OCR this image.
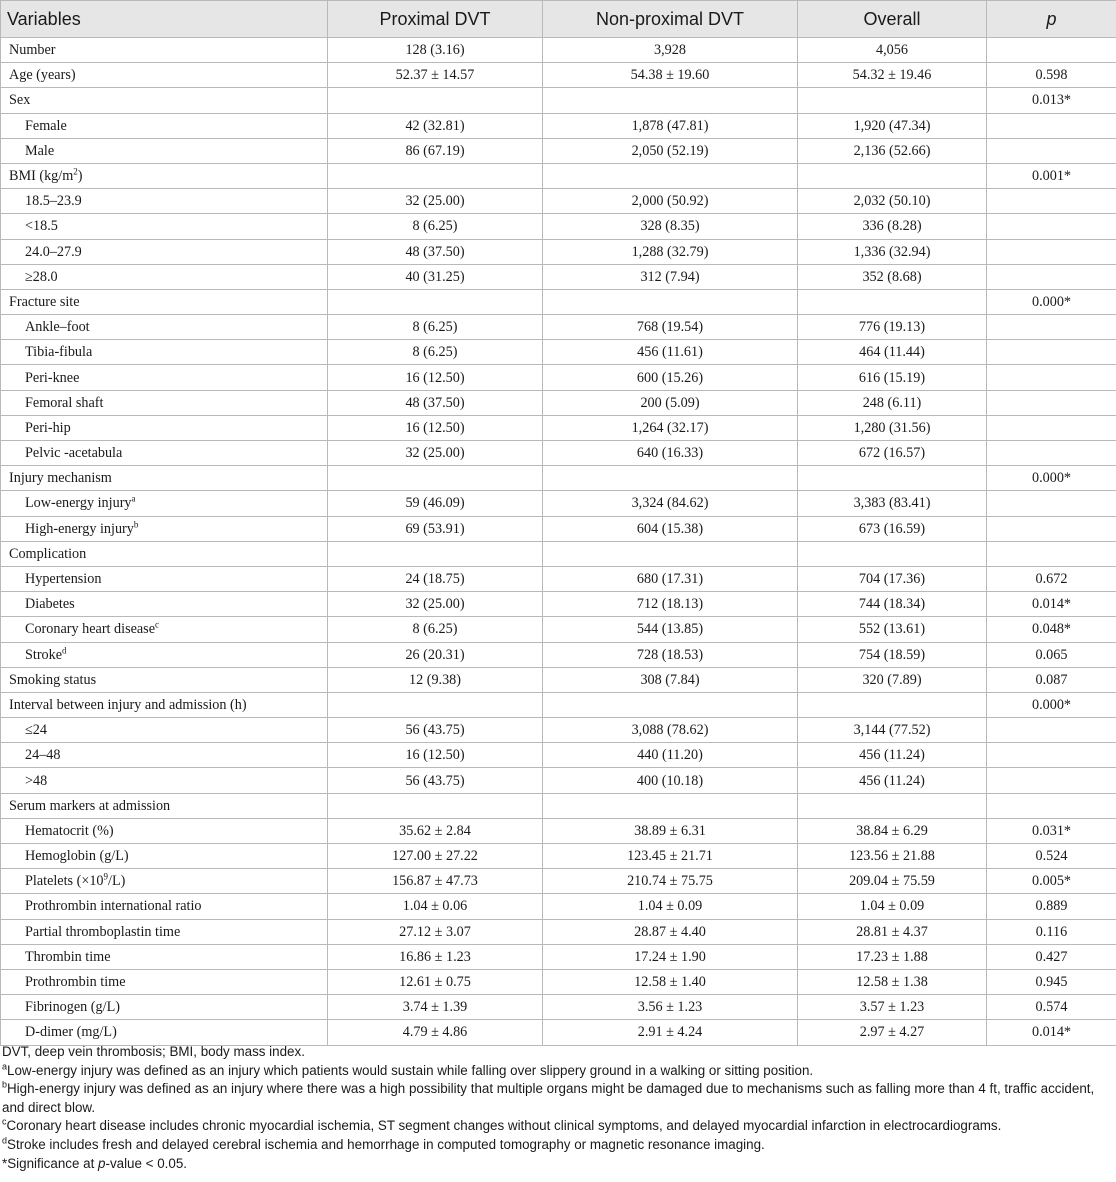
Variables	Proximal DVT	Non-proximal DVT	Overall	p
Number	128 (3.16)	3,928	4,056	
Age (years)	52.37 ± 14.57	54.38 ± 19.60	54.32 ± 19.46	0.598
Sex				0.013*
Female	42 (32.81)	1,878 (47.81)	1,920 (47.34)	
Male	86 (67.19)	2,050 (52.19)	2,136 (52.66)	
BMI $(kg/m^2)$				0.001*
18.5–23.9	32 (25.00)	2,000 (50.92)	2,032 (50.10)	
<18.5	8 (6.25)	328 (8.35)	336 (8.28)	
24.0–27.9	48 (37.50)	1,288 (32.79)	1,336 (32.94)	
≥28.0	40 (31.25)	312 (7.94)	352 (8.68)	
Fracture site				0.000*
Ankle–foot	8 (6.25)	768 (19.54)	776 (19.13)	
Tibia-fibula	8 (6.25)	456 (11.61)	464 (11.44)	
Peri-knee	16 (12.50)	600 (15.26)	616 (15.19)	
Femoral shaft	48 (37.50)	200 (5.09)	248 (6.11)	
Peri-hip	16 (12.50)	1,264 (32.17)	1,280 (31.56)	
Pelvic -acetabula	32 (25.00)	640 (16.33)	672 (16.57)	
Injury mechanism				0.000*
Low-energy injury$^a$	59 (46.09)	3,324 (84.62)	3,383 (83.41)	
High-energy injury$^b$	69 (53.91)	604 (15.38)	673 (16.59)	
Complication				
Hypertension	24 (18.75)	680 (17.31)	704 (17.36)	0.672
Diabetes	32 (25.00)	712 (18.13)	744 (18.34)	0.014*
Coronary heart disease$^c$	8 (6.25)	544 (13.85)	552 (13.61)	0.048*
Stroke$^d$	26 (20.31)	728 (18.53)	754 (18.59)	0.065
Smoking status	12 (9.38)	308 (7.84)	320 (7.89)	0.087
Interval between injury and admission (h)				0.000*
≤24	56 (43.75)	3,088 (78.62)	3,144 (77.52)	
24–48	16 (12.50)	440 (11.20)	456 (11.24)	
>48	56 (43.75)	400 (10.18)	456 (11.24)	
Serum markers at admission				
Hematocrit (%)	35.62 ± 2.84	38.89 ± 6.31	38.84 ± 6.29	0.031*
Hemoglobin (g/L)	127.00 ± 27.22	123.45 ± 21.71	123.56 ± 21.88	0.524
Platelets $(\times 10^9/L)$	156.87 ± 47.73	210.74 ± 75.75	209.04 ± 75.59	0.005*
Prothrombin international ratio	1.04 ± 0.06	1.04 ± 0.09	1.04 ± 0.09	0.889
Partial thromboplastin time	27.12 ± 3.07	28.87 ± 4.40	28.81 ± 4.37	0.116
Thrombin time	16.86 ± 1.23	17.24 ± 1.90	17.23 ± 1.88	0.427
Prothrombin time	12.61 ± 0.75	12.58 ± 1.40	12.58 ± 1.38	0.945
Fibrinogen (g/L)	3.74 ± 1.39	3.56 ± 1.23	3.57 ± 1.23	0.574
D-dimer (mg/L)	4.79 ± 4.86	2.91 ± 4.24	2.97 ± 4.27	0.014*

DVT, deep vein thrombosis; BMI, body mass index.

$^a$Low-energy injury was defined as an injury which patients would sustain while falling over slippery ground in a walking or sitting position.

$^b$High-energy injury was defined as an injury where there was a high possibility that multiple organs might be damaged due to mechanisms such as falling more than 4 ft, traffic accident, and direct blow.

$^c$Coronary heart disease includes chronic myocardial ischemia, ST segment changes without clinical symptoms, and delayed myocardial infarction in electrocardiograms.

$^d$Stroke includes fresh and delayed cerebral ischemia and hemorrhage in computed tomography or magnetic resonance imaging.

*Significance at p-value < 0.05.
